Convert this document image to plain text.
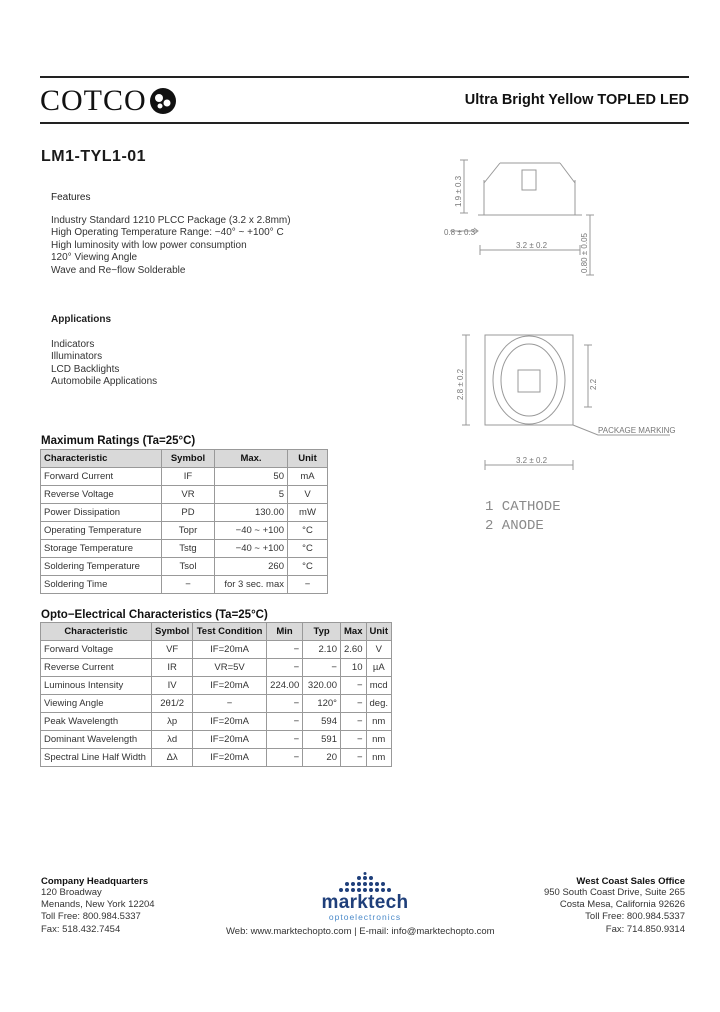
COTCO	Ultra Bright Yellow TOPLED LED
LM1-TYL1-01
Features
Industry Standard 1210 PLCC Package (3.2 x 2.8mm)
High Operating Temperature Range: −40° ~ +100° C
High luminosity with low power consumption
120° Viewing Angle
Wave and Re−flow Solderable
Applications
Indicators
Illuminators
LCD Backlights
Automobile Applications
1.9 ± 0.3
0.8 ± 0.3
3.2 ± 0.2	0.80 ± 0.05
2.8 ± 0.2	2.2
PACKAGE MARKING
3.2 ± 0.2
1 CATHODE
2 ANODE
Maximum Ratings (Ta=25°C)
Characteristic	Symbol	Max.	Unit
Forward Current	IF	50	mA
Reverse Voltage	VR	5	V
Power Dissipation	PD	130.00	mW
Operating Temperature	Topr	−40 ~ +100	°C
Storage Temperature	Tstg	−40 ~ +100	°C
Soldering Temperature	Tsol	260	°C
Soldering Time	−	for 3 sec. max	−
Opto−Electrical Characteristics (Ta=25°C)
Characteristic	Symbol	Test Condition	Min	Typ	Max	Unit
Forward Voltage	VF	IF=20mA	−	2.10	2.60	V
Reverse Current	IR	VR=5V	−	−	10	µA
Luminous Intensity	IV	IF=20mA	224.00	320.00	−	mcd
Viewing Angle	2θ1/2	−	−	120°	−	deg.
Peak Wavelength	λp	IF=20mA	−	594	−	nm
Dominant Wavelength	λd	IF=20mA	−	591	−	nm
Spectral Line Half Width	Δλ	IF=20mA	−	20	−	nm
Company Headquarters
120 Broadway
Menands, New York 12204
Toll Free: 800.984.5337
Fax: 518.432.7454
marktech
optoelectronics
Web: www.marktechopto.com | E-mail: info@marktechopto.com
West Coast Sales Office
950 South Coast Drive, Suite 265
Costa Mesa, California 92626
Toll Free: 800.984.5337
Fax: 714.850.9314
